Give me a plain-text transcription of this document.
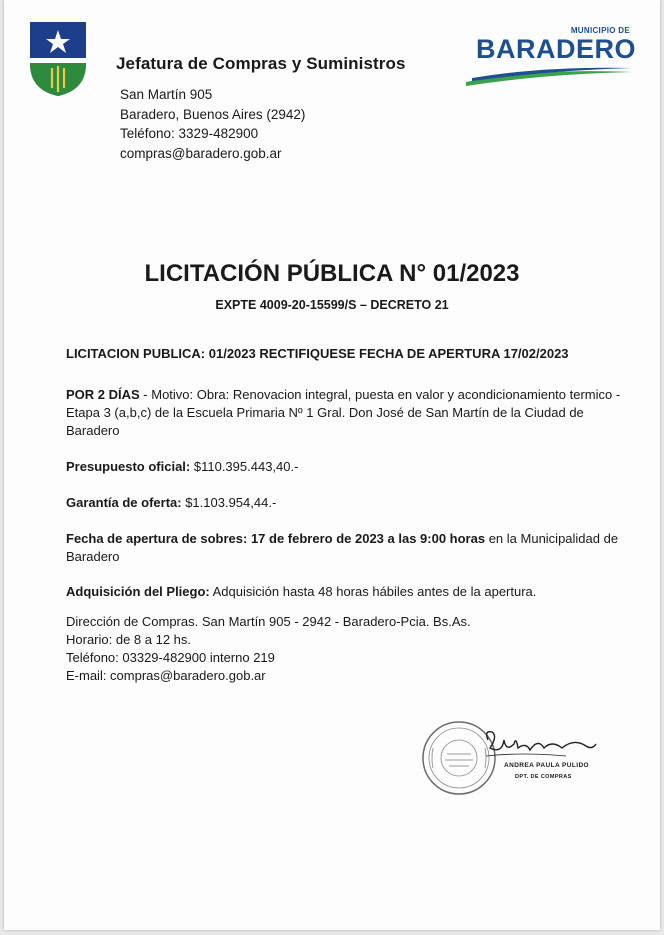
Jefatura de Compras y Suministros
San Martín 905
Baradero, Buenos Aires (2942)
Teléfono: 3329-482900
compras@baradero.gob.ar
MUNICIPIO DE
BARADERO
LICITACIÓN PÚBLICA N° 01/2023
EXPTE 4009-20-15599/S – DECRETO 21
LICITACION PUBLICA: 01/2023 RECTIFIQUESE FECHA DE APERTURA 17/02/2023
POR 2 DÍAS - Motivo: Obra: Renovacion integral, puesta en valor y acondicionamiento termico - Etapa 3 (a,b,c) de la Escuela Primaria Nº 1 Gral. Don José de San Martín de la Ciudad de Baradero
Presupuesto oficial: $110.395.443,40.-
Garantía de oferta: $1.103.954,44.-
Fecha de apertura de sobres: 17 de febrero de 2023 a las 9:00 horas en la Municipalidad de Baradero
Adquisición del Pliego: Adquisición hasta 48 horas hábiles antes de la apertura.
Dirección de Compras. San Martín 905 - 2942 - Baradero-Pcia. Bs.As.
Horario: de 8 a 12 hs.
Teléfono: 03329-482900 interno 219
E-mail: compras@baradero.gob.ar
ANDREA PAULA PULIDO
DPT. DE COMPRAS
